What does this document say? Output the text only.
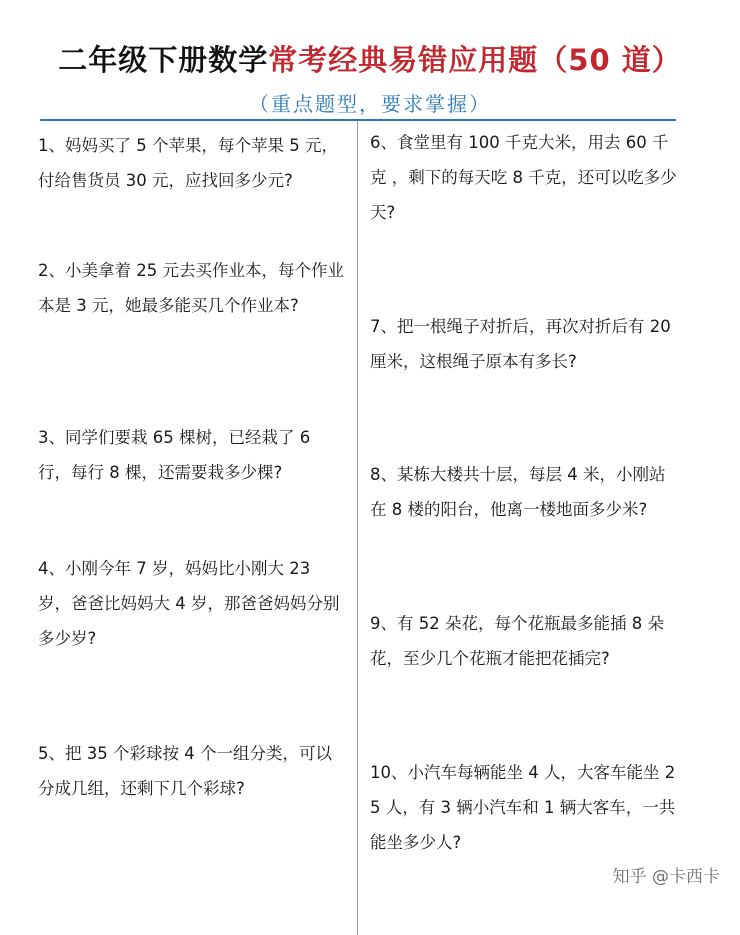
二年级下册数学常考经典易错应用题（50 道）
（重点题型，要求掌握）
1、妈妈买了 5 个苹果，每个苹果 5 元，付给售货员 30 元，应找回多少元?
2、小美拿着 25 元去买作业本，每个作业本是 3 元，她最多能买几个作业本?
3、同学们要栽 65 棵树，已经栽了 6 行，每行 8 棵，还需要栽多少棵?
4、小刚今年 7 岁，妈妈比小刚大 23 岁，爸爸比妈妈大 4 岁，那爸爸妈妈分别多少岁?
5、把 35 个彩球按 4 个一组分类，可以分成几组，还剩下几个彩球?
6、食堂里有 100 千克大米，用去 60 千克 ，剩下的每天吃 8 千克，还可以吃多少天?
7、把一根绳子对折后，再次对折后有 20 厘米，这根绳子原本有多长?
8、某栋大楼共十层，每层 4 米，小刚站在 8 楼的阳台，他离一楼地面多少米?
9、有 52 朵花，每个花瓶最多能插 8 朵花，至少几个花瓶才能把花插完?
10、小汽车每辆能坐 4 人，大客车能坐 25 人，有 3 辆小汽车和 1 辆大客车，一共能坐多少人?
知乎 @卡西卡
